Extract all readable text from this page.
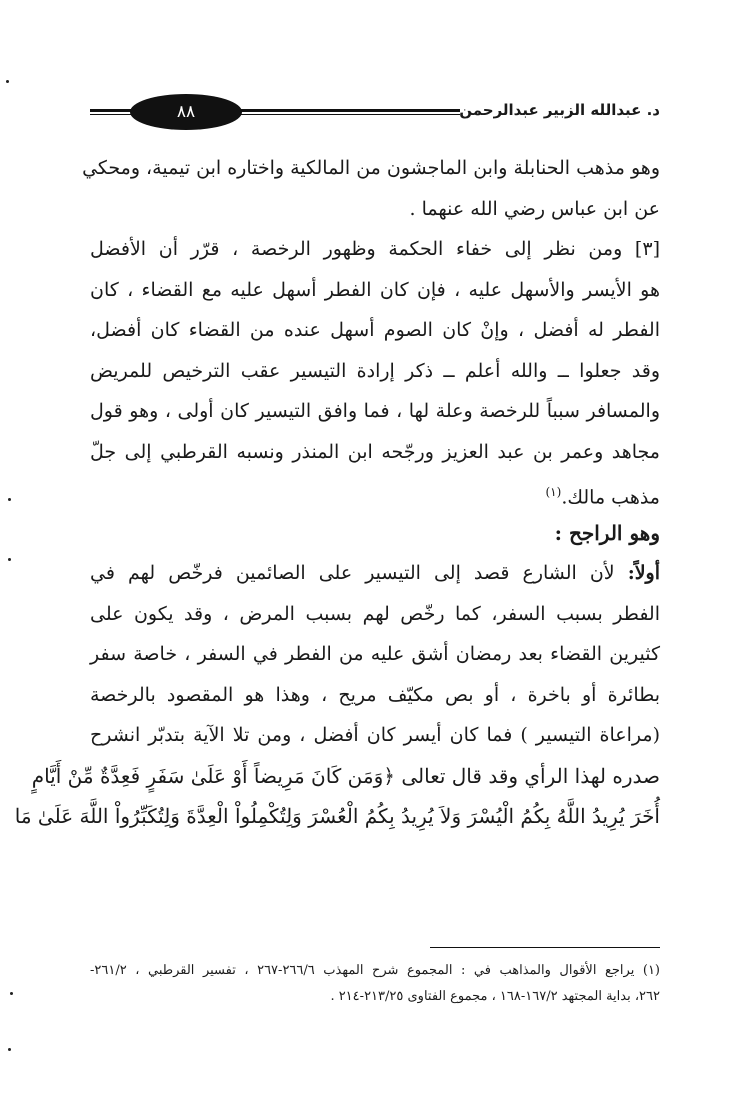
٨٨	د. عبدالله الزبير عبدالرحمن
وهو مذهب الحنابلة وابن الماجشون من المالكية واختاره ابن تيمية، ومحكي
عن ابن عباس رضي الله عنهما .
[٣] ومن نظر إلى خفاء الحكمة وظهور الرخصة ، قرّر أن الأفضل
هو الأيسر والأسهل عليه ، فإن كان الفطر أسهل عليه مع القضاء ، كان
الفطر له أفضل ، وإنْ كان الصوم أسهل عنده من القضاء كان أفضل،
وقد جعلوا ــ والله أعلم ــ ذكر إرادة التيسير عقب الترخيص للمريض
والمسافر سبباً للرخصة وعلة لها ، فما وافق التيسير كان أولى ، وهو قول
مجاهد وعمر بن عبد العزيز ورجّحه ابن المنذر ونسبه القرطبي إلى جلّ
مذهب مالك.$^{(١)}$
وهو الراجح :
أولاً: لأن الشارع قصد إلى التيسير على الصائمين فرخّص لهم في
الفطر بسبب السفر، كما رخّص لهم بسبب المرض ، وقد يكون على
كثيرين القضاء بعد رمضان أشق عليه من الفطر في السفر ، خاصة سفر
بطائرة أو باخرة ، أو بص مكيّف مريح ، وهذا هو المقصود بالرخصة
(مراعاة التيسير ) فما كان أيسر كان أفضل ، ومن تلا الآية بتدبّر انشرح
صدره لهذا الرأي وقد قال تعالى ﴿وَمَن كَانَ مَرِيضاً أَوْ عَلَىٰ سَفَرٍ فَعِدَّةٌ مِّنْ أَيَّامٍ
أُخَرَ يُرِيدُ اللَّهُ بِكُمُ الْيُسْرَ وَلاَ يُرِيدُ بِكُمُ الْعُسْرَ وَلِتُكْمِلُواْ الْعِدَّةَ وَلِتُكَبِّرُواْ اللَّهَ عَلَىٰ مَا
(١) يراجع الأقوال والمذاهب في : المجموع شرح المهذب ٢٦٦/٦-٢٦٧ ، تفسير القرطبي ، ٢٦١/٢-
٢٦٢، بداية المجتهد ١٦٧/٢-١٦٨ ، مجموع الفتاوى ٢١٣/٢٥-٢١٤ .
